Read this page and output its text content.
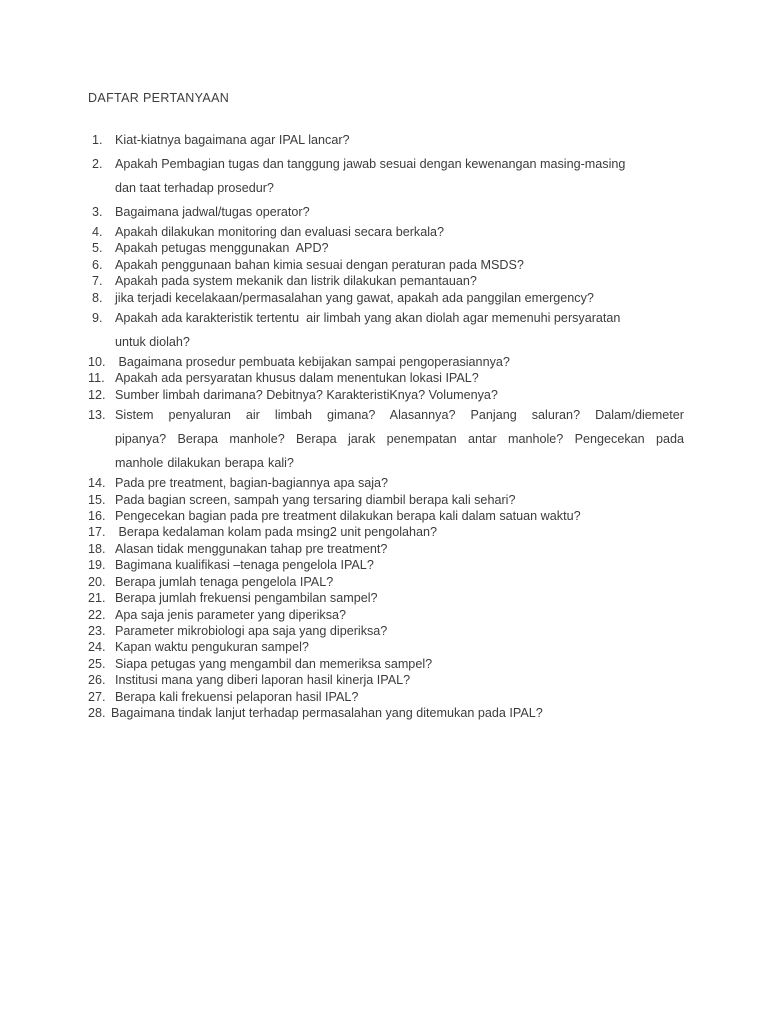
DAFTAR PERTANYAAN
1. Kiat-kiatnya bagaimana agar IPAL lancar?
2. Apakah Pembagian tugas dan tanggung jawab sesuai dengan kewenangan masing-masing
dan taat terhadap prosedur?
3. Bagaimana jadwal/tugas operator?
4. Apakah dilakukan monitoring dan evaluasi secara berkala?
5. Apakah petugas menggunakan  APD?
6. Apakah penggunaan bahan kimia sesuai dengan peraturan pada MSDS?
7. Apakah pada system mekanik dan listrik dilakukan pemantauan?
8. jika terjadi kecelakaan/permasalahan yang gawat, apakah ada panggilan emergency?
9. Apakah ada karakteristik tertentu  air limbah yang akan diolah agar memenuhi persyaratan
untuk diolah?
10. Bagaimana prosedur pembuata kebijakan sampai pengoperasiannya?
11. Apakah ada persyaratan khusus dalam menentukan lokasi IPAL?
12. Sumber limbah darimana? Debitnya? KarakteristiKnya? Volumenya?
13. Sistem penyaluran air limbah gimana? Alasannya? Panjang saluran? Dalam/diemeter
pipanya? Berapa manhole? Berapa jarak penempatan antar manhole? Pengecekan pada
manhole dilakukan berapa kali?
14. Pada pre treatment, bagian-bagiannya apa saja?
15. Pada bagian screen, sampah yang tersaring diambil berapa kali sehari?
16. Pengecekan bagian pada pre treatment dilakukan berapa kali dalam satuan waktu?
17. Berapa kedalaman kolam pada msing2 unit pengolahan?
18. Alasan tidak menggunakan tahap pre treatment?
19. Bagimana kualifikasi –tenaga pengelola IPAL?
20. Berapa jumlah tenaga pengelola IPAL?
21. Berapa jumlah frekuensi pengambilan sampel?
22. Apa saja jenis parameter yang diperiksa?
23. Parameter mikrobiologi apa saja yang diperiksa?
24. Kapan waktu pengukuran sampel?
25. Siapa petugas yang mengambil dan memeriksa sampel?
26. Institusi mana yang diberi laporan hasil kinerja IPAL?
27. Berapa kali frekuensi pelaporan hasil IPAL?
28. Bagaimana tindak lanjut terhadap permasalahan yang ditemukan pada IPAL?
